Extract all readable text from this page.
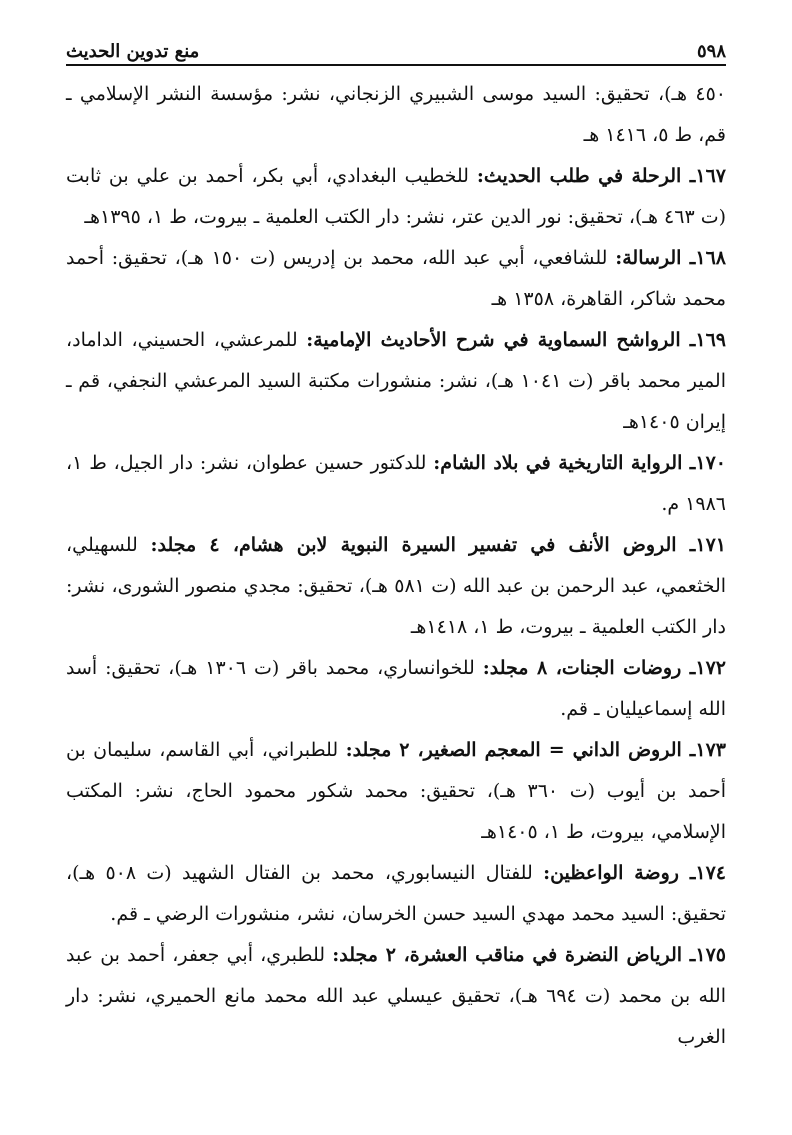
٥٩٨
منع تدوين الحديث

٤٥٠ هـ)، تحقيق: السيد موسى الشبيري الزنجاني، نشر: مؤسسة النشر الإسلامي ـ قم، ط ٥، ١٤١٦ هـ

١٦٧ـ الرحلة في طلب الحديث: للخطيب البغدادي، أبي بكر، أحمد بن علي بن ثابت (ت ٤٦٣ هـ)، تحقيق: نور الدين عتر، نشر: دار الكتب العلمية ـ بيروت، ط ١، ١٣٩٥هـ

١٦٨ـ الرسالة: للشافعي، أبي عبد الله، محمد بن إدريس (ت ١٥٠ هـ)، تحقيق: أحمد محمد شاكر، القاهرة، ١٣٥٨ هـ

١٦٩ـ الرواشح السماوية في شرح الأحاديث الإمامية: للمرعشي، الحسيني، الداماد، المير محمد باقر (ت ١٠٤١ هـ)، نشر: منشورات مكتبة السيد المرعشي النجفي، قم ـ إيران ١٤٠٥هـ

١٧٠ـ الرواية التاريخية في بلاد الشام: للدكتور حسين عطوان، نشر: دار الجيل، ط ١، ١٩٨٦ م.

١٧١ـ الروض الأنف في تفسير السيرة النبوية لابن هشام، ٤ مجلد: للسهيلي، الخثعمي، عبد الرحمن بن عبد الله (ت ٥٨١ هـ)، تحقيق: مجدي منصور الشورى، نشر: دار الكتب العلمية ـ بيروت، ط ١، ١٤١٨هـ

١٧٢ـ روضات الجنات، ٨ مجلد: للخوانساري، محمد باقر (ت ١٣٠٦ هـ)، تحقيق: أسد الله إسماعيليان ـ قم.

١٧٣ـ الروض الداني = المعجم الصغير، ٢ مجلد: للطبراني، أبي القاسم، سليمان بن أحمد بن أيوب (ت ٣٦٠ هـ)، تحقيق: محمد شكور محمود الحاج، نشر: المكتب الإسلامي، بيروت، ط ١، ١٤٠٥هـ

١٧٤ـ روضة الواعظين: للفتال النيسابوري، محمد بن الفتال الشهيد (ت ٥٠٨ هـ)، تحقيق: السيد محمد مهدي السيد حسن الخرسان، نشر، منشورات الرضي ـ قم.

١٧٥ـ الرياض النضرة في مناقب العشرة، ٢ مجلد: للطبري، أبي جعفر، أحمد بن عبد الله بن محمد (ت ٦٩٤ هـ)، تحقيق عيسلي عبد الله محمد مانع الحميري، نشر: دار الغرب
